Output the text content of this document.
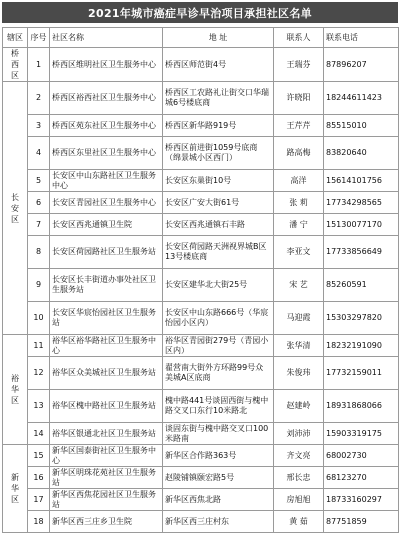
2021年城市癌症早诊早治项目承担社区名单
辖区	序号	社区名称	地 址	联系人	联系电话

桥西区	1	桥西区维明社区卫生服务中心	桥西区师范街4号	王瑞芬	87896207

长安区	2	桥西区裕西社区卫生服务中心	桥西区工农路礼让街交口华瑞城6号楼底商	许晓阳	18244611423
	3	桥西区苑东社区卫生服务中心	桥西区新华路919号	王芹芹	85515010
	4	桥西区东里社区卫生服务中心	桥西区前进街1059号底商（绵景城小区西门）	路高梅	83820640
	5	长安区中山东路社区卫生服务中心	长安区东巢街10号	高洋	15614101756
	6	长安区青园社区卫生服务中心	长安区广安大街61号	张 莉	17734298565
	7	长安区西兆通镇卫生院	长安区西兆通镇石丰路	潘 宁	15130077170
	8	长安区荷园路社区卫生服务站	长安区荷园路天洲视界城B区13号楼底商	李亚文	17733856649
	9	长安区长丰街道办事处社区卫生服务站	长安区建华北大街25号	宋 艺	85260591
	10	长安区华宸怡园社区卫生服务站	长安区中山东路666号（华宸怡园小区内）	马迎霞	15303297820

裕华区	11	裕华区裕华路社区卫生服务中心	裕华区青园街279号（青园小区内）	张华清	18232191090
	12	裕华区众美城社区卫生服务站	翟营南大街外方环路99号众美城A区底商	朱俊玮	17732159011
	13	裕华区槐中路社区卫生服务站	槐中路441号谈固西街与槐中路交叉口东行10米路北	赵建岭	18931868066
	14	裕华区银通北社区卫生服务站	谈固东街与槐中路交叉口100米路南	刘沛沛	15903319175

新华区	15	新华区国泰街社区卫生服务中心	新华区合作路363号	齐文亮	68002730
	16	新华区明珠花苑社区卫生服务站	赵陵铺镇颐宏路5号	邢长忠	68123270
	17	新华区西焦花园社区卫生服务站	新华区西焦北路	房旭旭	18733160297
	18	新华区西三庄乡卫生院	新华区西三庄村东	黄 茹	87751859
